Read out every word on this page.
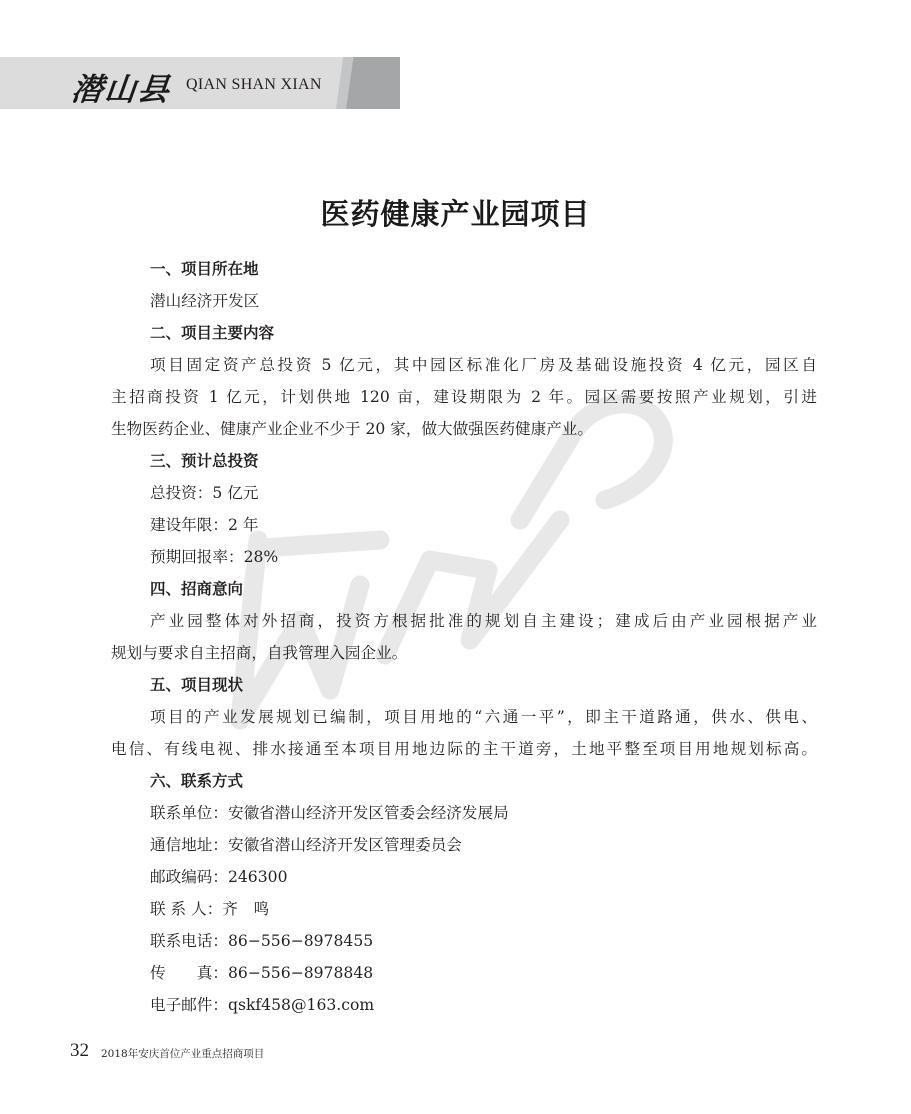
潜山县 QIAN SHAN XIAN
医药健康产业园项目
一、项目所在地
潜山经济开发区
二、项目主要内容
项目固定资产总投资 5 亿元，其中园区标准化厂房及基础设施投资 4 亿元，园区自
主招商投资 1 亿元，计划供地 120 亩，建设期限为 2 年。园区需要按照产业规划，引进
生物医药企业、健康产业企业不少于 20 家，做大做强医药健康产业。
三、预计总投资
总投资：5 亿元
建设年限：2 年
预期回报率：28%
四、招商意向
产业园整体对外招商，投资方根据批准的规划自主建设；建成后由产业园根据产业
规划与要求自主招商，自我管理入园企业。
五、项目现状
项目的产业发展规划已编制，项目用地的“六通一平”，即主干道路通，供水、供电、
电信、有线电视、排水接通至本项目用地边际的主干道旁，土地平整至项目用地规划标高。
六、联系方式
联系单位：安徽省潜山经济开发区管委会经济发展局
通信地址：安徽省潜山经济开发区管理委员会
邮政编码：246300
联 系 人：齐　鸣
联系电话：86−556−8978455
传　　真：86−556−8978848
电子邮件：qskf458@163.com
32 2018年安庆首位产业重点招商项目
